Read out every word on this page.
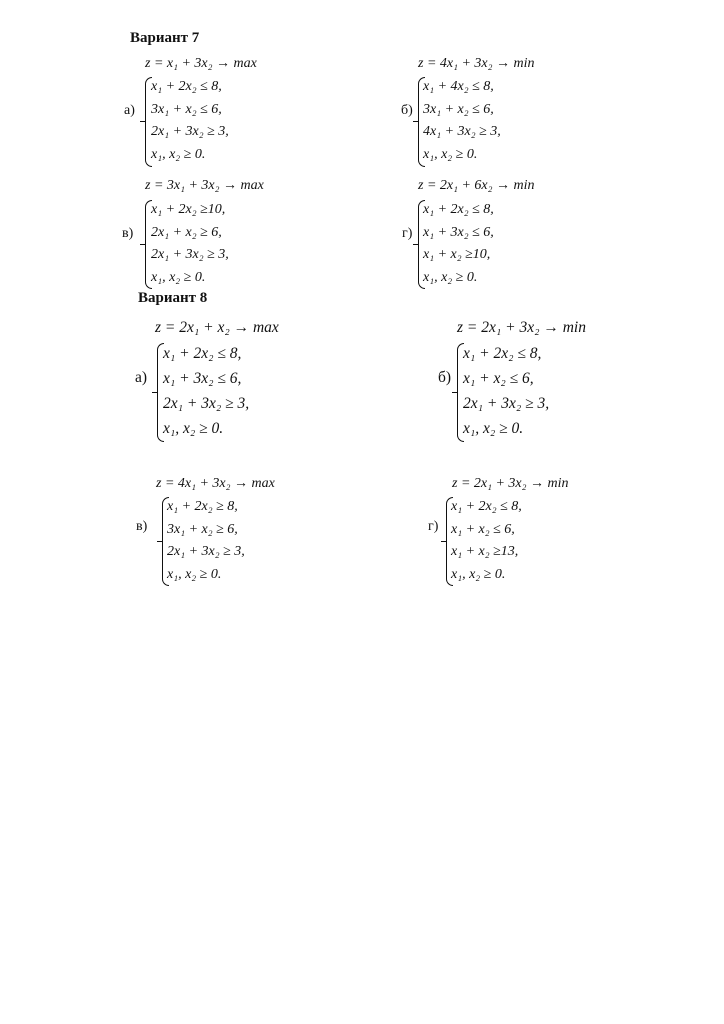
Вариант 7
Вариант 8
z = x₁ + 3x₂ → max
а)
x₁ + 2x₂ ≤ 8,
3x₁ + x₂ ≤ 6,
2x₁ + 3x₂ ≥ 3,
x₁, x₂ ≥ 0.
z = 4x₁ + 3x₂ → min
б)
x₁ + 4x₂ ≤ 8,
3x₁ + x₂ ≤ 6,
4x₁ + 3x₂ ≥ 3,
x₁, x₂ ≥ 0.
z = 3x₁ + 3x₂ → max
в)
x₁ + 2x₂ ≥10,
2x₁ + x₂ ≥ 6,
2x₁ + 3x₂ ≥ 3,
x₁, x₂ ≥ 0.
z = 2x₁ + 6x₂ → min
г)
x₁ + 2x₂ ≤ 8,
x₁ + 3x₂ ≤ 6,
x₁ + x₂ ≥10,
x₁, x₂ ≥ 0.
z = 2x₁ + x₂ → max
а)
x₁ + 2x₂ ≤ 8,
x₁ + 3x₂ ≤ 6,
2x₁ + 3x₂ ≥ 3,
x₁, x₂ ≥ 0.
z = 2x₁ + 3x₂ → min
б)
x₁ + 2x₂ ≤ 8,
x₁ + x₂ ≤ 6,
2x₁ + 3x₂ ≥ 3,
x₁, x₂ ≥ 0.
z = 4x₁ + 3x₂ → max
в)
x₁ + 2x₂ ≥ 8,
3x₁ + x₂ ≥ 6,
2x₁ + 3x₂ ≥ 3,
x₁, x₂ ≥ 0.
z = 2x₁ + 3x₂ → min
г)
x₁ + 2x₂ ≤ 8,
x₁ + x₂ ≤ 6,
x₁ + x₂ ≥13,
x₁, x₂ ≥ 0.
